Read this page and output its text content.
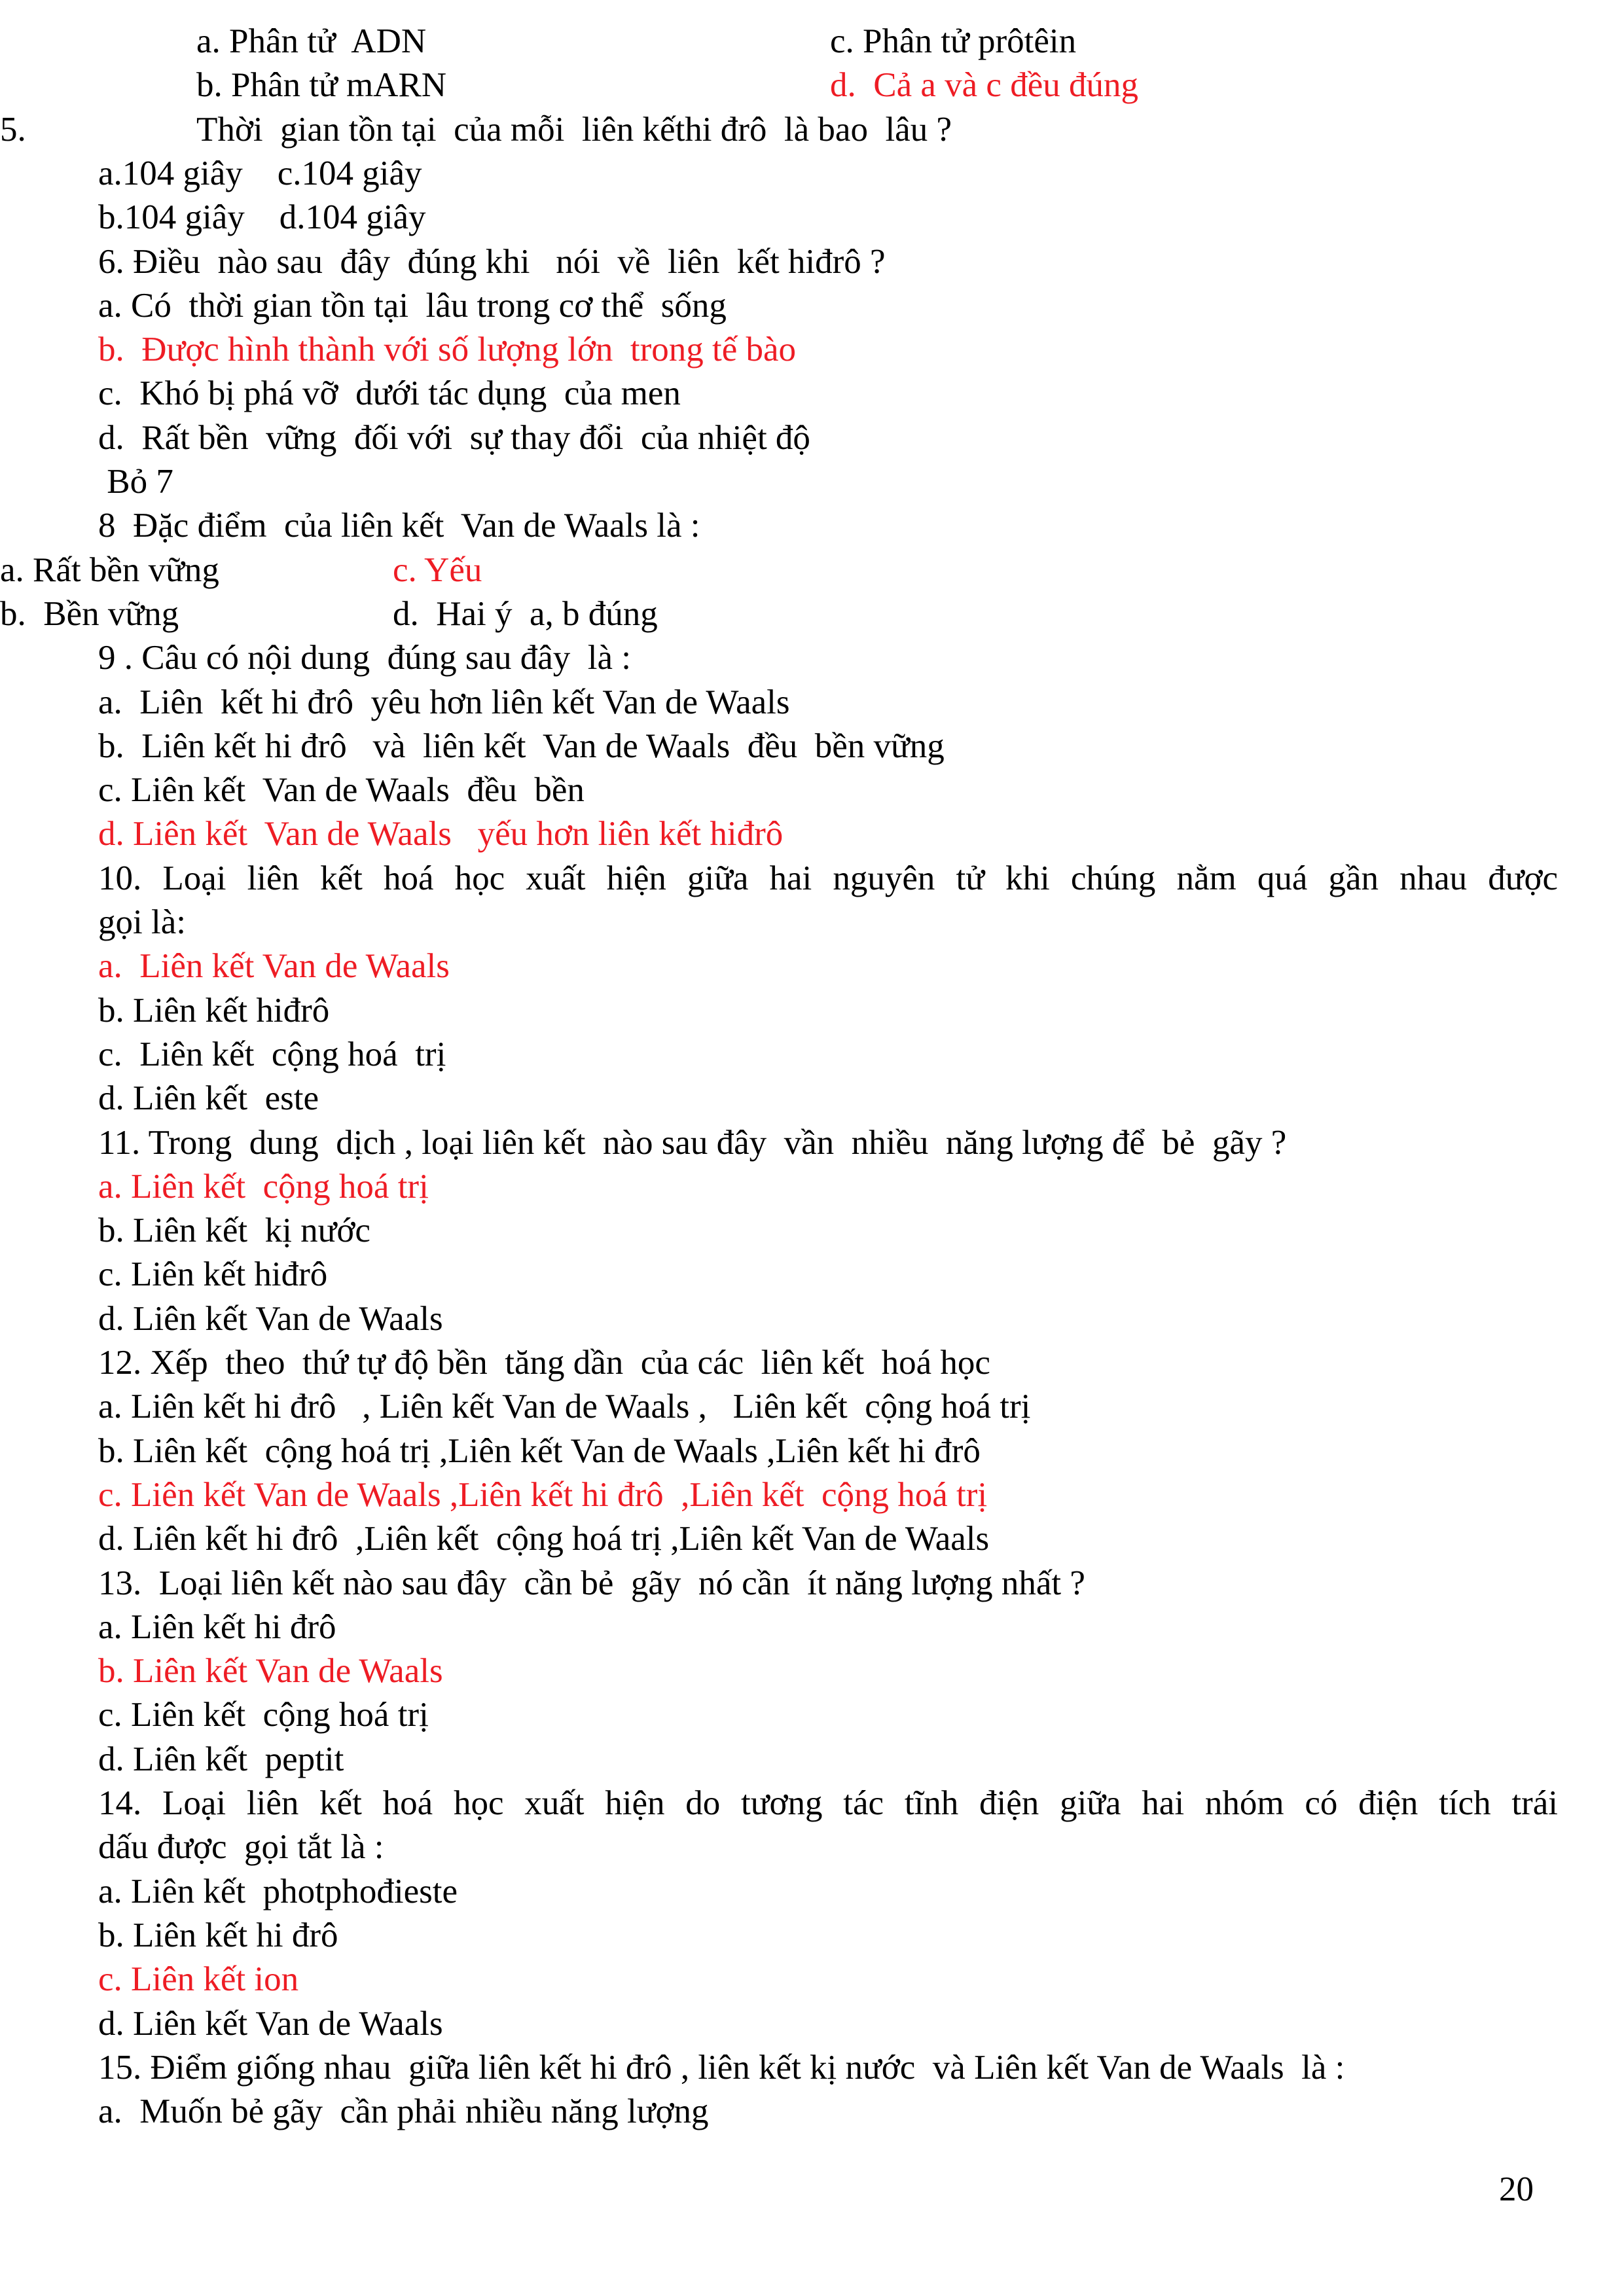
a. Phân tử  ADN	c. Phân tử prôtêin
b. Phân tử mARN	d.  Cả a và c đều đúng
5.	Thời  gian tồn tại  của mỗi  liên kếthi đrô  là bao  lâu ?
a.104 giây    c.104 giây
b.104 giây    d.104 giây
6. Điều  nào sau  đây  đúng khi   nói  về  liên  kết hiđrô ?
a. Có  thời gian tồn tại  lâu trong cơ thể  sống
b.  Được hình thành với số lượng lớn  trong tế bào
c.  Khó bị phá vỡ  dưới tác dụng  của men
d.  Rất bền  vững  đối với  sự thay đổi  của nhiệt độ
Bỏ 7
8  Đặc điểm  của liên kết  Van de Waals là :
a. Rất bền vững	c. Yếu
b.  Bền vững	d.  Hai ý  a, b đúng
9 . Câu có nội dung  đúng sau đây  là :
a.  Liên  kết hi đrô  yêu hơn liên kết Van de Waals
b.  Liên kết hi đrô   và  liên kết  Van de Waals  đều  bền vững
c. Liên kết  Van de Waals  đều  bền
d. Liên kết  Van de Waals   yếu hơn liên kết hiđrô
10. Loại liên kết hoá học xuất hiện giữa hai nguyên tử khi chúng nằm quá gần nhau được
gọi là:
a.  Liên kết Van de Waals
b. Liên kết hiđrô
c.  Liên kết  cộng hoá  trị
d. Liên kết  este
11. Trong  dung  dịch , loại liên kết  nào sau đây  vần  nhiều  năng lượng để  bẻ  gãy ?
a. Liên kết  cộng hoá trị
b. Liên kết  kị nước
c. Liên kết hiđrô
d. Liên kết Van de Waals
12. Xếp  theo  thứ tự độ bền  tăng dần  của các  liên kết  hoá học
a. Liên kết hi đrô   , Liên kết Van de Waals ,   Liên kết  cộng hoá trị
b. Liên kết  cộng hoá trị ,Liên kết Van de Waals ,Liên kết hi đrô
c. Liên kết Van de Waals ,Liên kết hi đrô  ,Liên kết  cộng hoá trị
d. Liên kết hi đrô  ,Liên kết  cộng hoá trị ,Liên kết Van de Waals
13.  Loại liên kết nào sau đây  cần bẻ  gãy  nó cần  ít năng lượng nhất ?
a. Liên kết hi đrô
b. Liên kết Van de Waals
c. Liên kết  cộng hoá trị
d. Liên kết  peptit
14. Loại liên kết hoá học xuất hiện do tương tác tĩnh điện giữa hai nhóm có điện tích trái
dấu được  gọi tắt là :
a. Liên kết  photphođieste
b. Liên kết hi đrô
c. Liên kết ion
d. Liên kết Van de Waals
15. Điểm giống nhau  giữa liên kết hi đrô , liên kết kị nước  và Liên kết Van de Waals  là :
a.  Muốn bẻ gãy  cần phải nhiều năng lượng
20
